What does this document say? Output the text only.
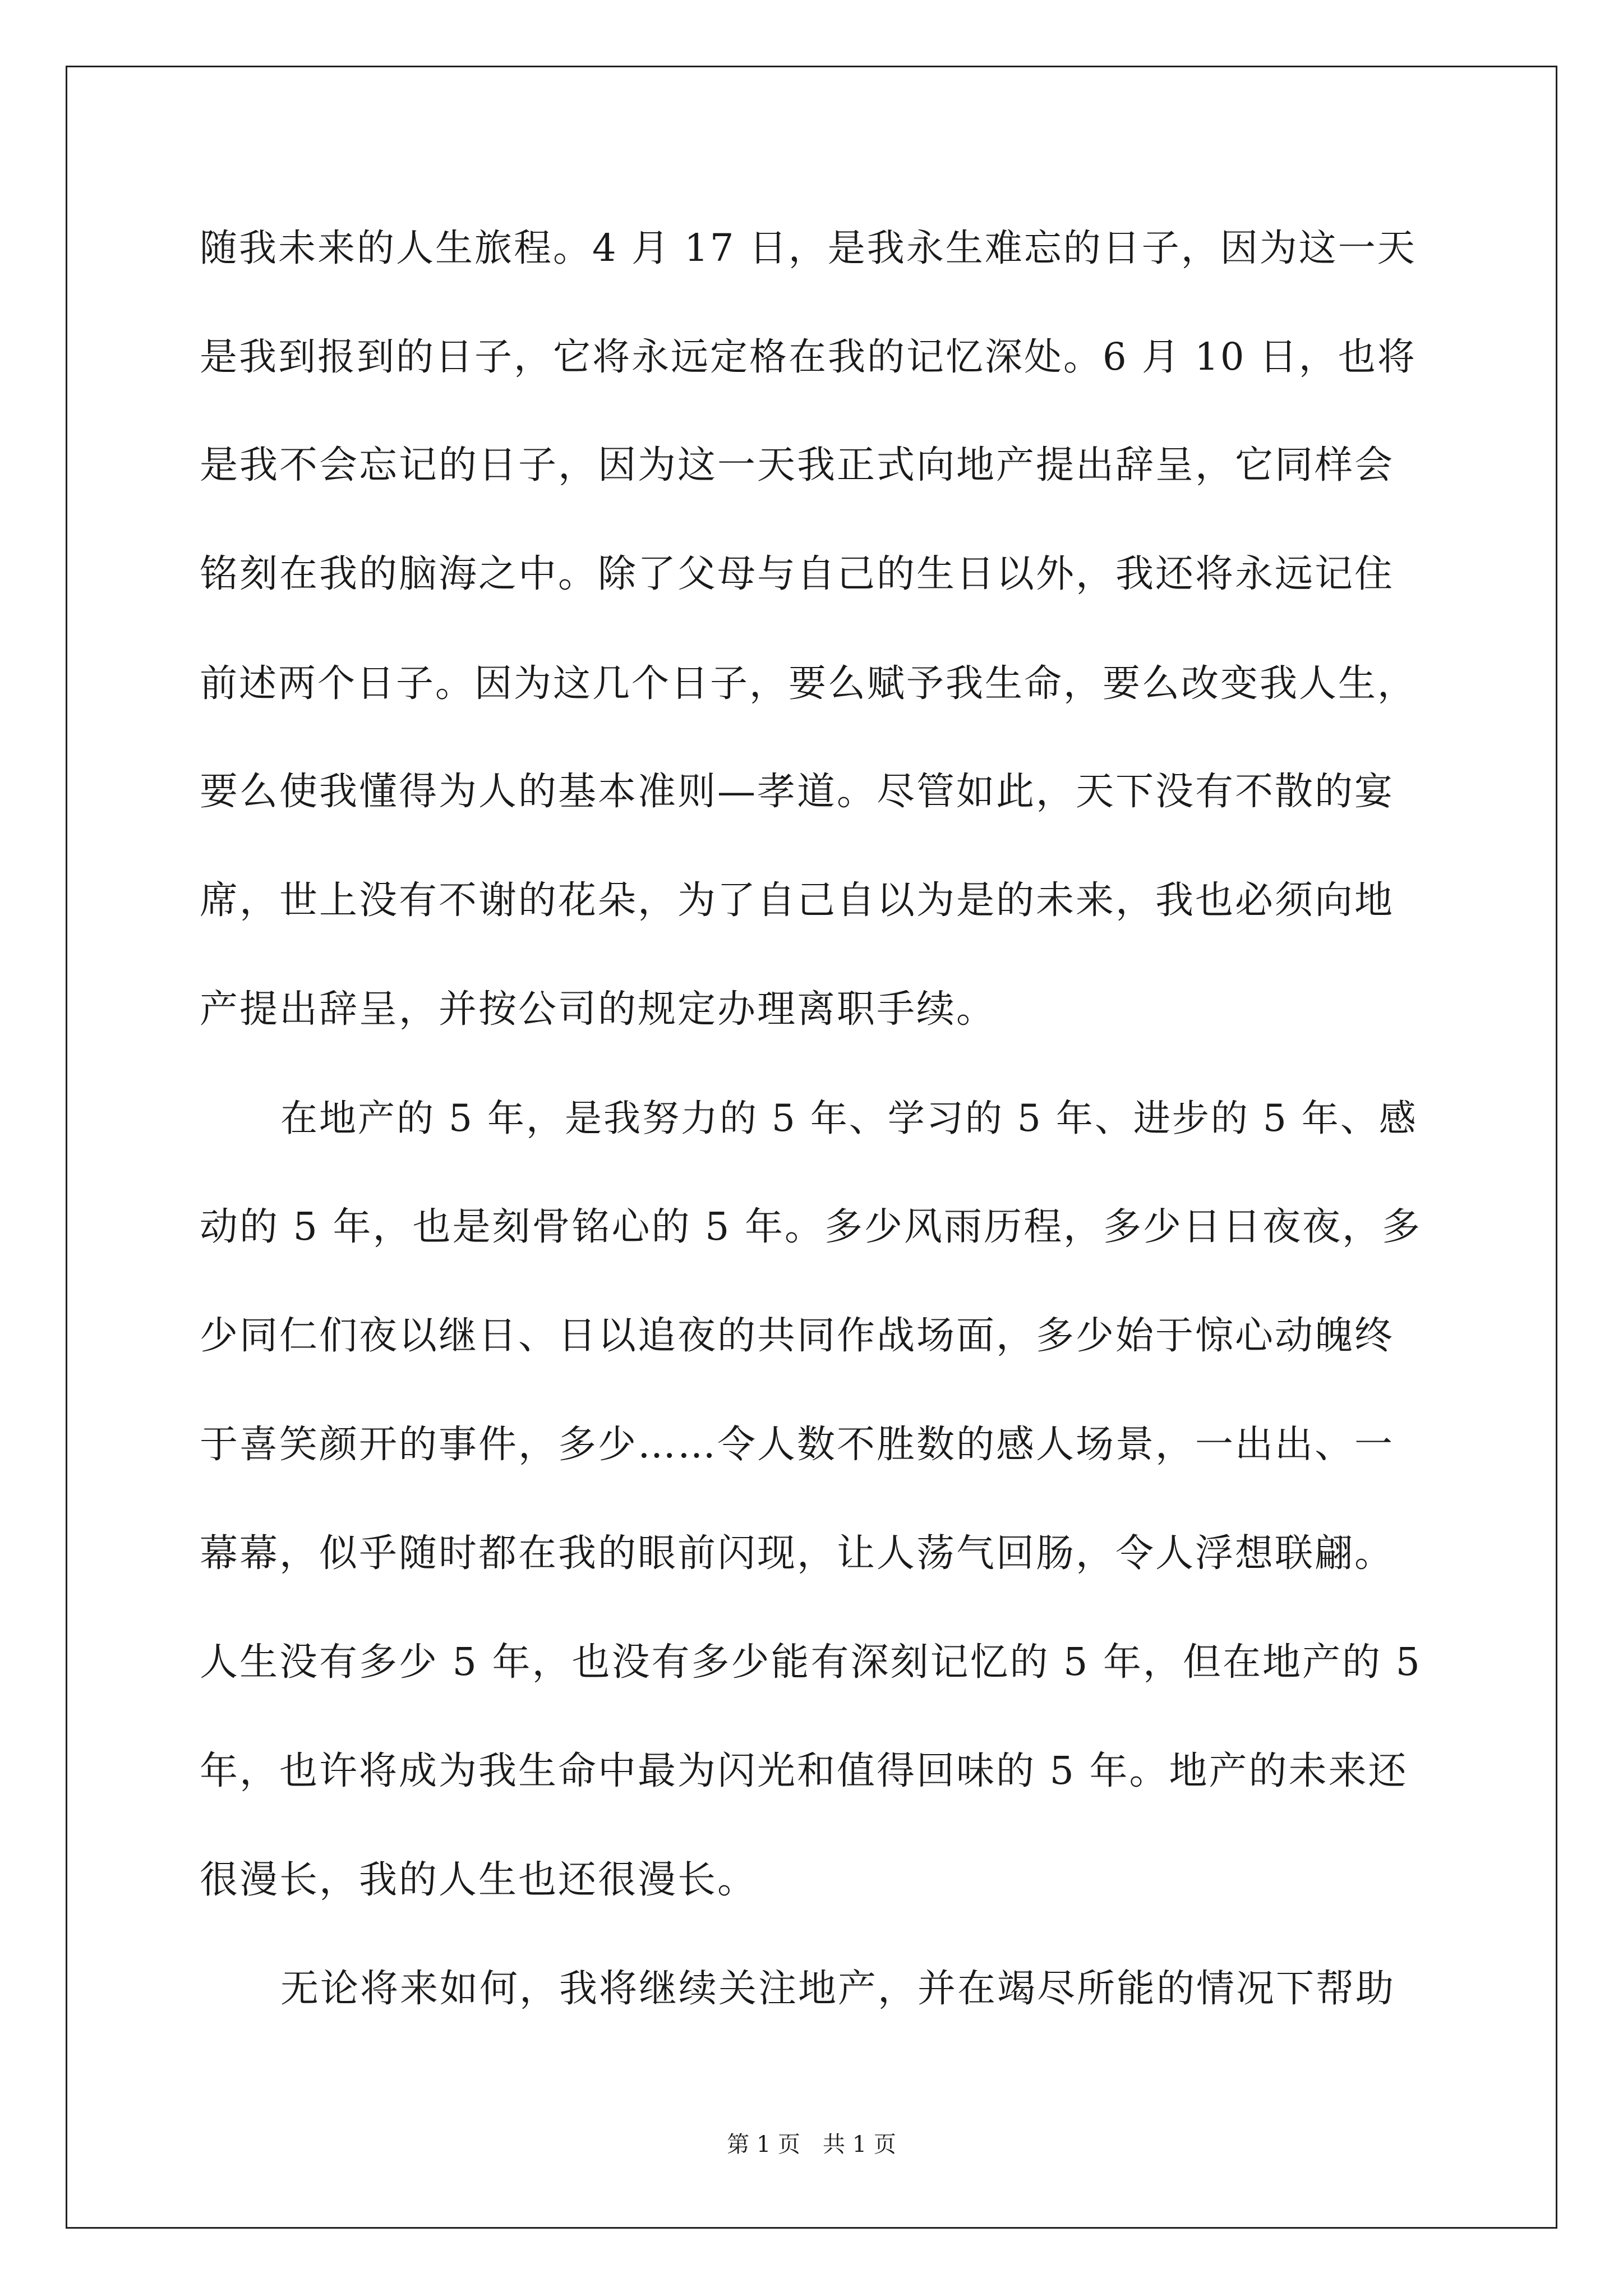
随我未来的人生旅程。4 月 17 日，是我永生难忘的日子，因为这一天
是我到报到的日子，它将永远定格在我的记忆深处。6 月 10 日，也将
是我不会忘记的日子，因为这一天我正式向地产提出辞呈，它同样会
铭刻在我的脑海之中。除了父母与自己的生日以外，我还将永远记住
前述两个日子。因为这几个日子，要么赋予我生命，要么改变我人生，
要么使我懂得为人的基本准则—孝道。尽管如此，天下没有不散的宴
席，世上没有不谢的花朵，为了自己自以为是的未来，我也必须向地
产提出辞呈，并按公司的规定办理离职手续。
在地产的 5 年，是我努力的 5 年、学习的 5 年、进步的 5 年、感
动的 5 年，也是刻骨铭心的 5 年。多少风雨历程，多少日日夜夜，多
少同仁们夜以继日、日以追夜的共同作战场面，多少始于惊心动魄终
于喜笑颜开的事件，多少……令人数不胜数的感人场景，一出出、一
幕幕，似乎随时都在我的眼前闪现，让人荡气回肠，令人浮想联翩。
人生没有多少 5 年，也没有多少能有深刻记忆的 5 年，但在地产的 5
年，也许将成为我生命中最为闪光和值得回味的 5 年。地产的未来还
很漫长，我的人生也还很漫长。
无论将来如何，我将继续关注地产，并在竭尽所能的情况下帮助
第 1 页　共 1 页
